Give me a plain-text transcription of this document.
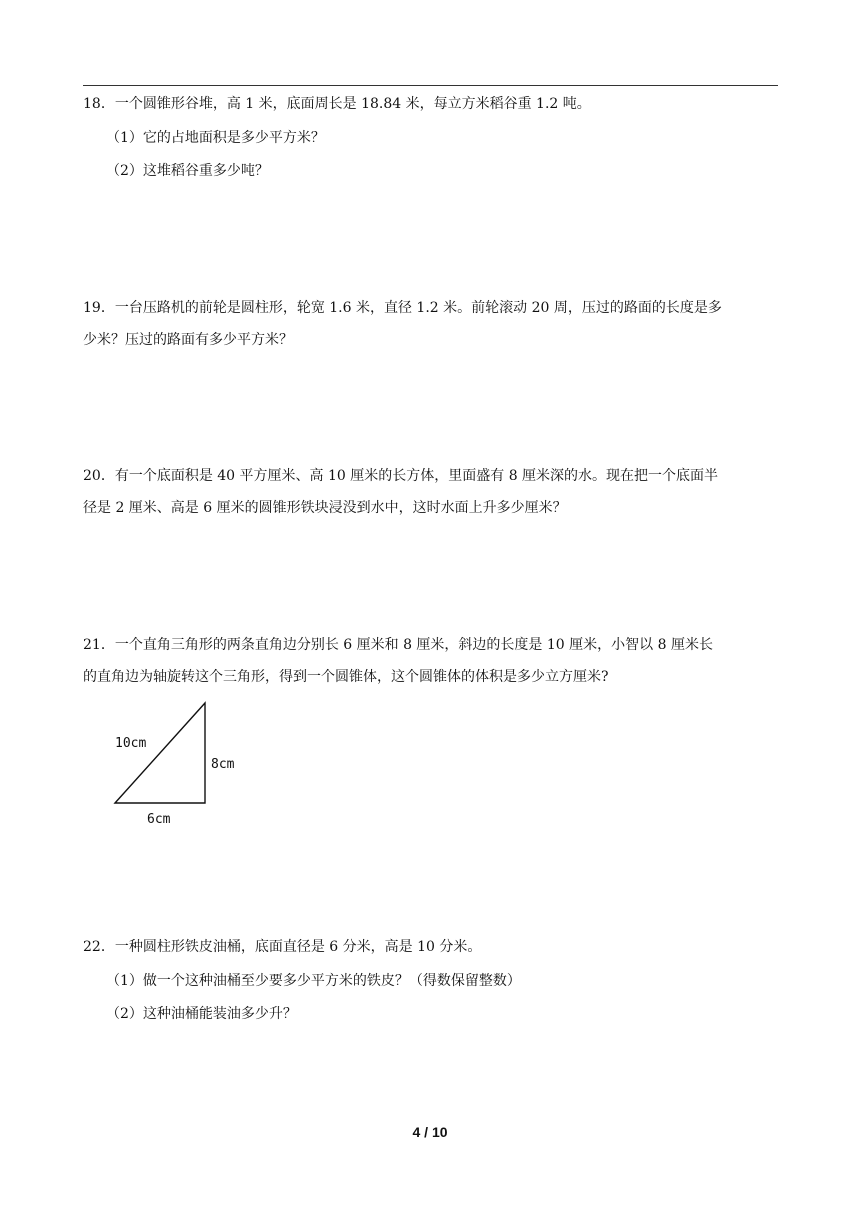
18．一个圆锥形谷堆，高 1 米，底面周长是 18.84 米，每立方米稻谷重 1.2 吨。
（1）它的占地面积是多少平方米？
（2）这堆稻谷重多少吨？
19．一台压路机的前轮是圆柱形，轮宽 1.6 米，直径 1.2 米。前轮滚动 20 周，压过的路面的长度是多
少米？压过的路面有多少平方米？
20．有一个底面积是 40 平方厘米、高 10 厘米的长方体，里面盛有 8 厘米深的水。现在把一个底面半
径是 2 厘米、高是 6 厘米的圆锥形铁块浸没到水中，这时水面上升多少厘米？
21．一个直角三角形的两条直角边分别长 6 厘米和 8 厘米，斜边的长度是 10 厘米，小智以 8 厘米长
的直角边为轴旋转这个三角形，得到一个圆锥体，这个圆锥体的体积是多少立方厘米?
10cm
8cm
6cm
22．一种圆柱形铁皮油桶，底面直径是 6 分米，高是 10 分米。
（1）做一个这种油桶至少要多少平方米的铁皮？（得数保留整数）
（2）这种油桶能装油多少升？
4 / 10
